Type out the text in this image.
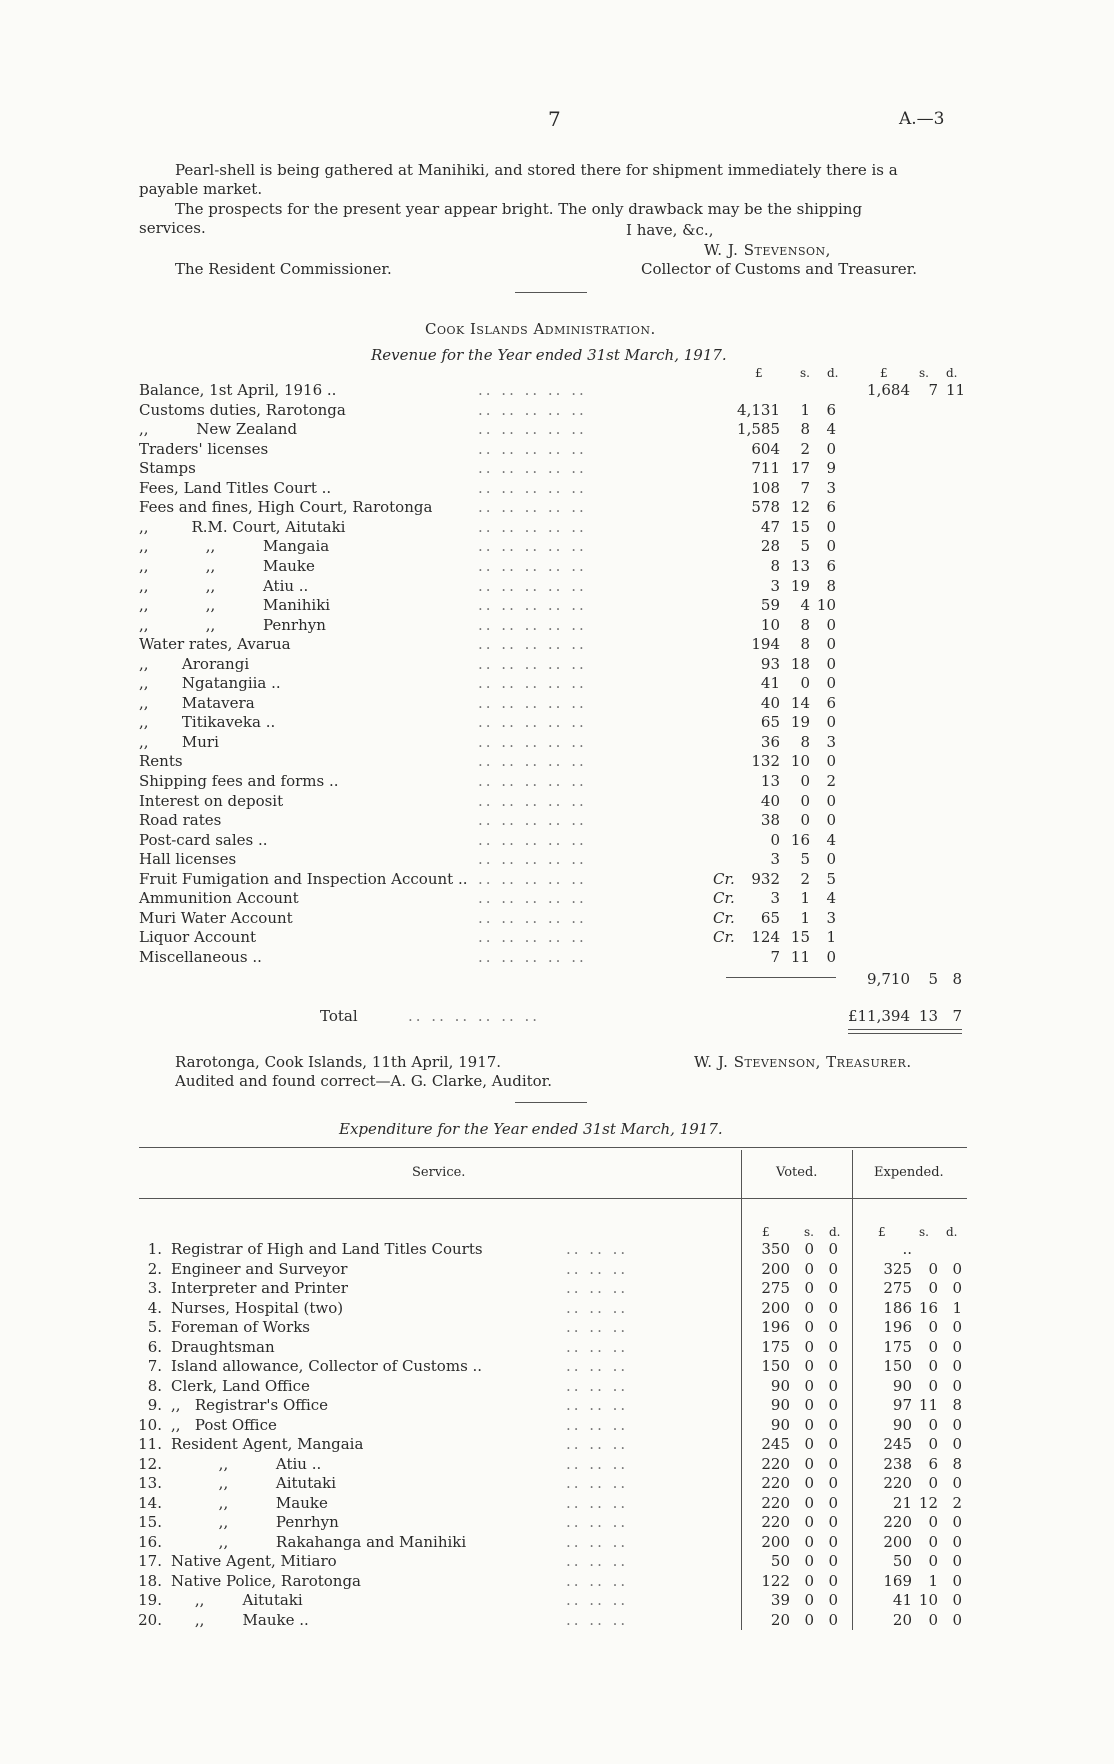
7	A.—3
Pearl-shell is being gathered at Manihiki, and stored there for shipment immediately there is a
payable market.
The prospects for the present year appear bright. The only drawback may be the shipping
services.	I have, &c.,
W. J. Stevenson,
Collector of Customs and Treasurer.
The Resident Commissioner.
Cook Islands Administration.
Revenue for the Year ended 31st March, 1917.
£	s. d.	£	s. d.
Balance, 1st April, 1916 ..	.. .. .. .. ..	1,684	7 11
Customs duties, Rarotonga	.. .. .. .. ..	4,131	1	6
,,          New Zealand	.. .. .. .. ..	1,585	8	4
Traders' licenses	.. .. .. .. ..	604	2	0
Stamps	.. .. .. .. ..	711 17	9
Fees, Land Titles Court ..	.. .. .. .. ..	108	7	3
Fees and fines, High Court, Rarotonga	.. .. .. .. ..	578 12	6
,,         R.M. Court, Aitutaki	.. .. .. .. ..	47 15	0
,,            ,,          Mangaia	.. .. .. .. ..	28	5	0
,,            ,,          Mauke	.. .. .. .. ..	8 13	6
,,            ,,          Atiu ..	.. .. .. .. ..	3 19	8
,,            ,,          Manihiki	.. .. .. .. ..	59	4 10
,,            ,,          Penrhyn	.. .. .. .. ..	10	8	0
Water rates, Avarua	.. .. .. .. ..	194	8	0
,,       Arorangi	.. .. .. .. ..	93 18	0
,,       Ngatangiia ..	.. .. .. .. ..	41	0	0
,,       Matavera	.. .. .. .. ..	40 14	6
,,       Titikaveka ..	.. .. .. .. ..	65 19	0
,,       Muri	.. .. .. .. ..	36	8	3
Rents	.. .. .. .. ..	132 10	0
Shipping fees and forms ..	.. .. .. .. ..	13	0	2
Interest on deposit	.. .. .. .. ..	40	0	0
Road rates	.. .. .. .. ..	38	0	0
Post-card sales ..	.. .. .. .. ..	0 16	4
Hall licenses	.. .. .. .. ..	3	5	0
Fruit Fumigation and Inspection Account .. .. .. .. .. ..	Cr.	932	2	5
Ammunition Account	.. .. .. .. ..	Cr.	3	1	4
Muri Water Account	.. .. .. .. ..	Cr.	65	1	3
Liquor Account	.. .. .. .. ..	Cr.	124 15	1
Miscellaneous ..	.. .. .. .. ..	7 11	0
9,710	5 8
Total	.. .. .. .. .. ..	£11,394 13 7
Rarotonga, Cook Islands, 11th April, 1917.	W. J. Stevenson, Treasurer.
Audited and found correct—A. G. Clarke, Auditor.
Expenditure for the Year ended 31st March, 1917.
Service.	Voted.	Expended.
£	s. d.	£	s. d.
1. Registrar of High and Land Titles Courts	.. .. ..	350 0 0	..
2. Engineer and Surveyor	.. .. ..	200 0 0	325	0 0
3. Interpreter and Printer	.. .. ..	275 0 0	275	0 0
4. Nurses, Hospital (two)	.. .. ..	200 0 0	186 16 1
5. Foreman of Works	.. .. ..	196 0 0	196	0 0
6. Draughtsman	.. .. ..	175 0 0	175	0 0
7. Island allowance, Collector of Customs ..	.. .. ..	150 0 0	150	0 0
8. Clerk, Land Office	.. .. ..	90 0 0	90	0 0
9. ,,   Registrar's Office	.. .. ..	90 0 0	97 11 8
10. ,,   Post Office	.. .. ..	90 0 0	90	0 0
11. Resident Agent, Mangaia	.. .. ..	245 0 0	245	0 0
12. ,,          Atiu ..	.. .. ..	220 0 0	238	6 8
13. ,,          Aitutaki	.. .. ..	220 0 0	220	0 0
14. ,,          Mauke	.. .. ..	220 0 0	21 12 2
15. ,,          Penrhyn	.. .. ..	220 0 0	220	0 0
16. ,,          Rakahanga and Manihiki	.. .. ..	200 0 0	200	0 0
17. Native Agent, Mitiaro	.. .. ..	50 0 0	50	0 0
18. Native Police, Rarotonga	.. .. ..	122 0 0	169	1 0
19. ,,        Aitutaki	.. .. ..	39 0 0	41 10 0
20. ,,        Mauke ..	.. .. ..	20 0 0	20	0 0
